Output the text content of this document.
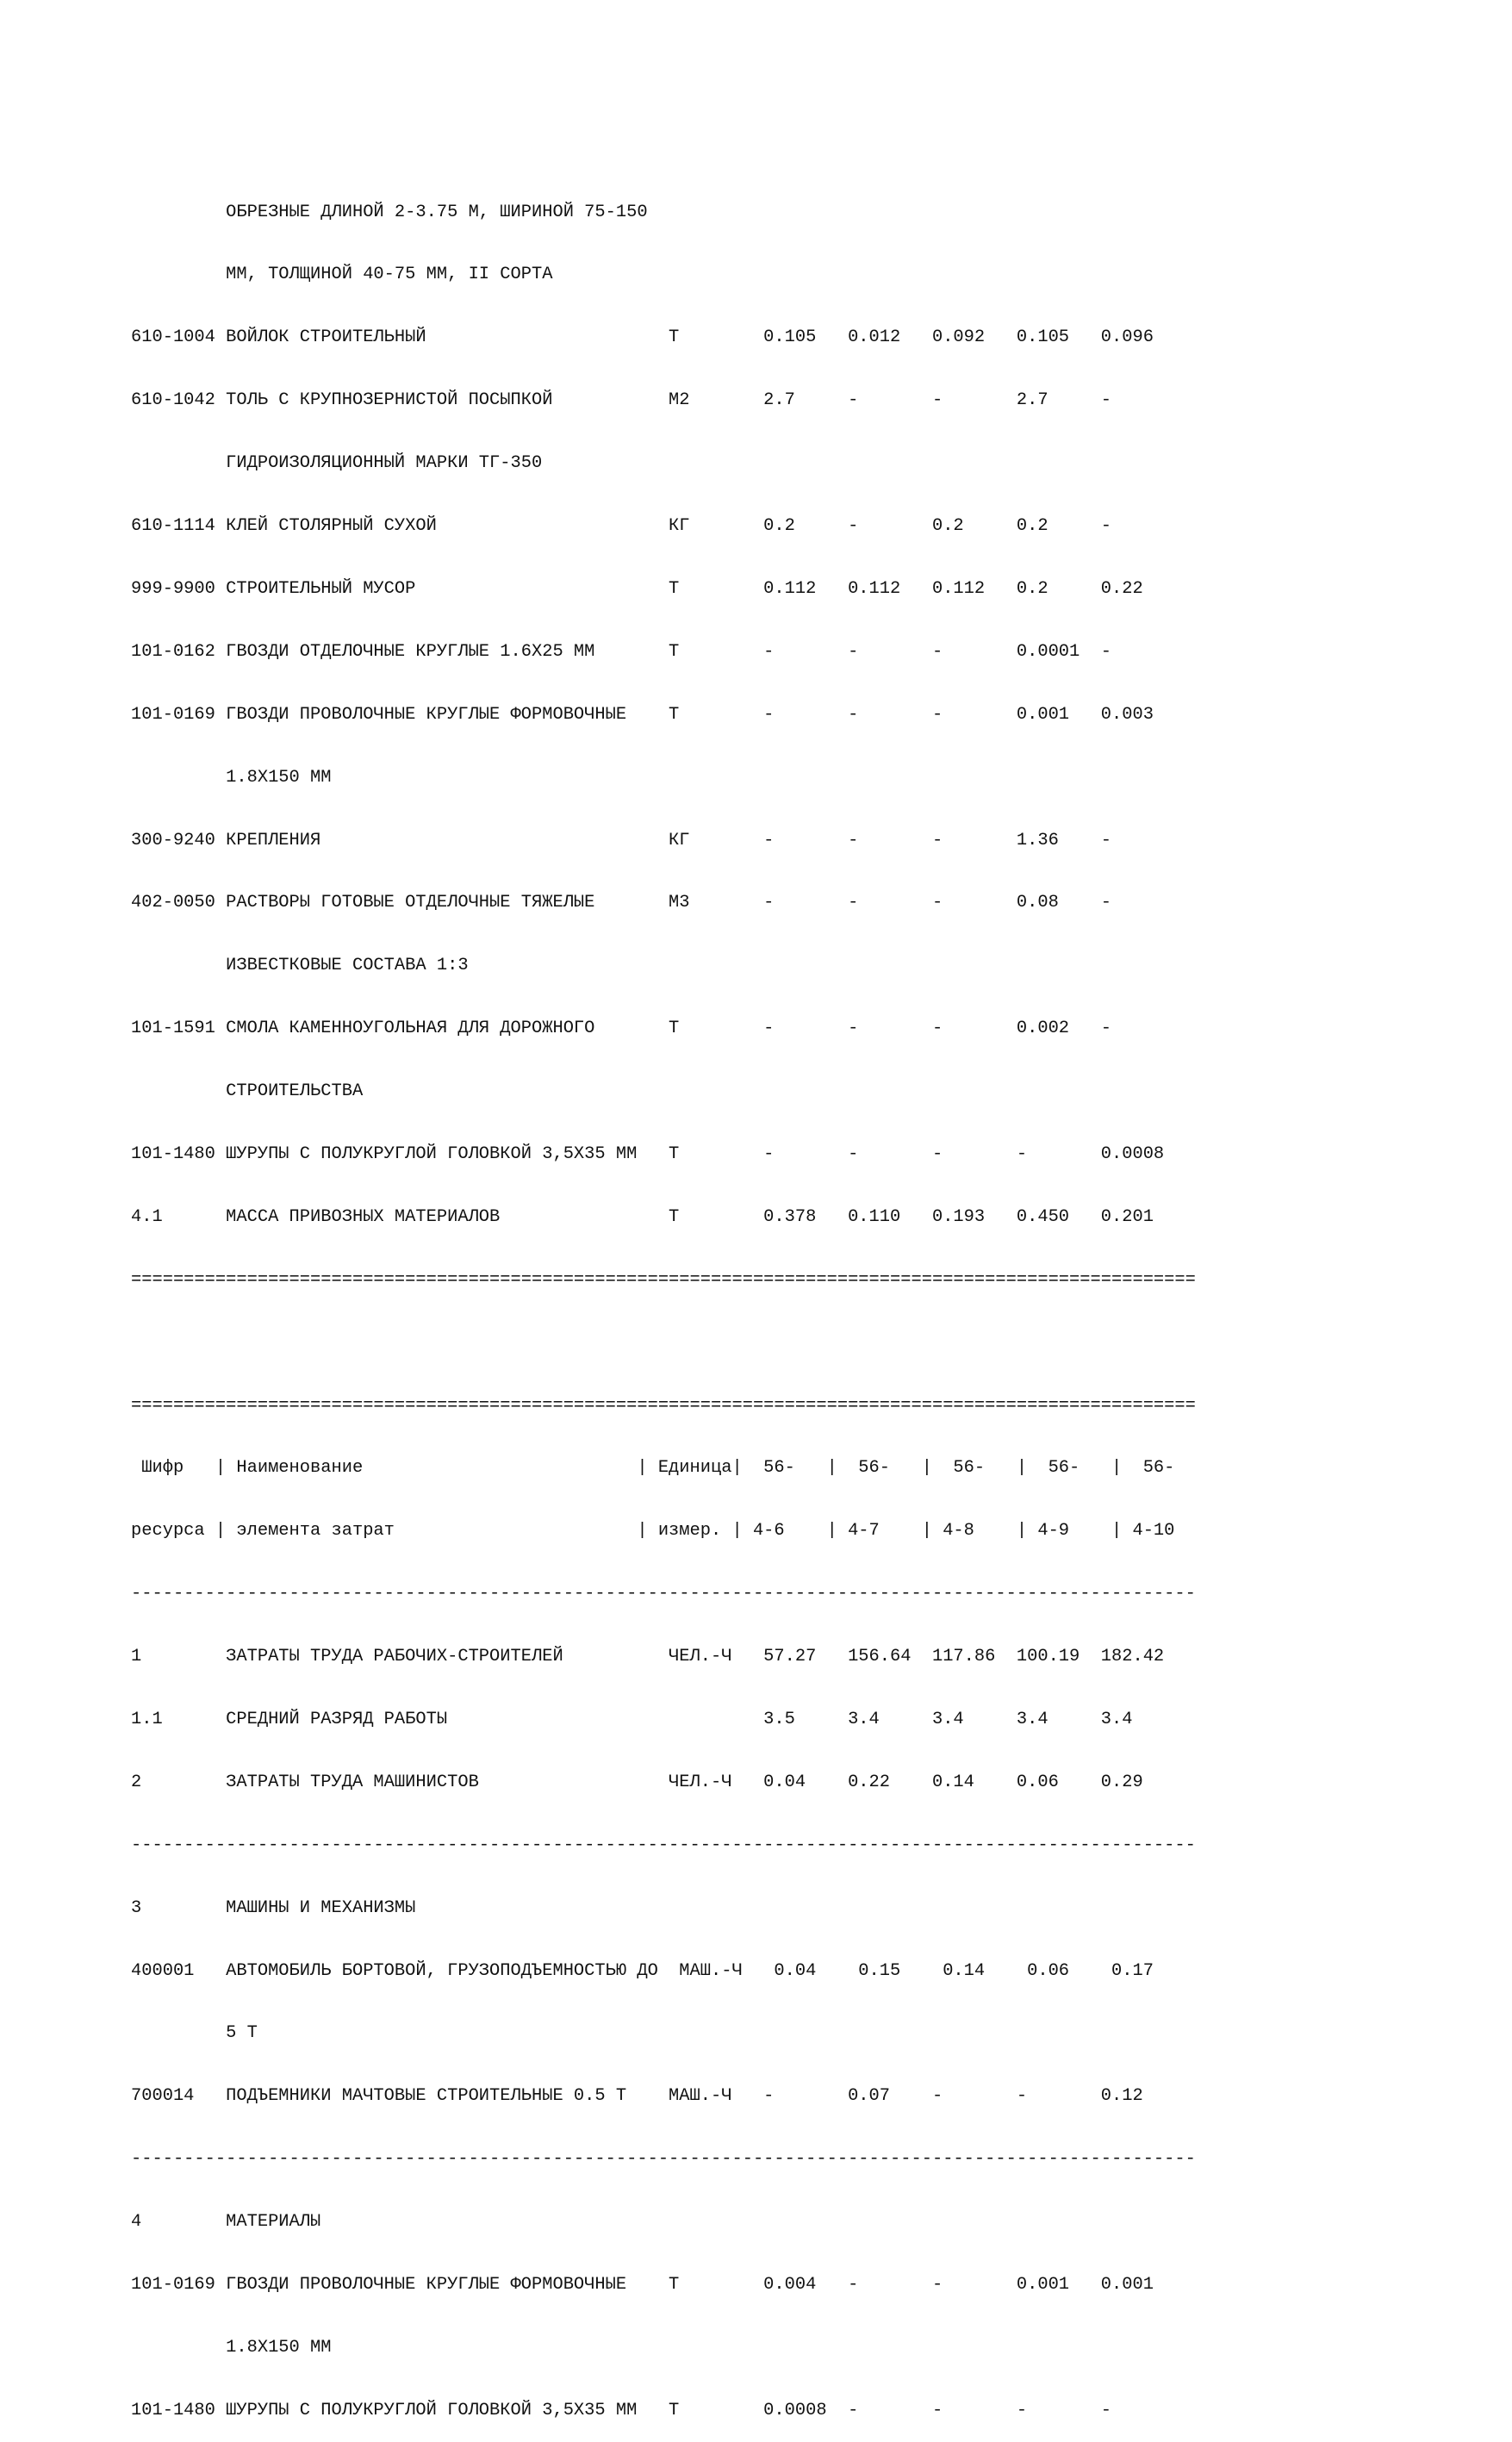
ОБРЕЗНЫЕ ДЛИНОЙ 2-3.75 М, ШИРИНОЙ 75-150

ММ, ТОЛЩИНОЙ 40-75 ММ, II СОРТА

610-1004 ВОЙЛОК СТРОИТЕЛЬНЫЙ                       Т        0.105   0.012   0.092   0.105   0.096

610-1042 ТОЛЬ С КРУПНОЗЕРНИСТОЙ ПОСЫПКОЙ           М2       2.7     -       -       2.7     -

ГИДРОИЗОЛЯЦИОННЫЙ МАРКИ ТГ-350

610-1114 КЛЕЙ СТОЛЯРНЫЙ СУХОЙ                      КГ       0.2     -       0.2     0.2     -

999-9900 СТРОИТЕЛЬНЫЙ МУСОР                        Т        0.112   0.112   0.112   0.2     0.22

101-0162 ГВОЗДИ ОТДЕЛОЧНЫЕ КРУГЛЫЕ 1.6Х25 ММ       Т        -       -       -       0.0001  -

101-0169 ГВОЗДИ ПРОВОЛОЧНЫЕ КРУГЛЫЕ ФОРМОВОЧНЫЕ    Т        -       -       -       0.001   0.003

1.8Х150 ММ

300-9240 КРЕПЛЕНИЯ                                 КГ       -       -       -       1.36    -

402-0050 РАСТВОРЫ ГОТОВЫЕ ОТДЕЛОЧНЫЕ ТЯЖЕЛЫЕ       М3       -       -       -       0.08    -

ИЗВЕСТКОВЫЕ СОСТАВА 1:3

101-1591 СМОЛА КАМЕННОУГОЛЬНАЯ ДЛЯ ДОРОЖНОГО       Т        -       -       -       0.002   -

СТРОИТЕЛЬСТВА

101-1480 ШУРУПЫ С ПОЛУКРУГЛОЙ ГОЛОВКОЙ 3,5Х35 ММ   Т        -       -       -       -       0.0008

4.1      МАССА ПРИВОЗНЫХ МАТЕРИАЛОВ                Т        0.378   0.110   0.193   0.450   0.201

=====================================================================================================

=====================================================================================================

Шифр   | Наименование                          | Единица|  56-   |  56-   |  56-   |  56-   |  56-

ресурса | элемента затрат                       | измер. | 4-6    | 4-7    | 4-8    | 4-9    | 4-10

-----------------------------------------------------------------------------------------------------

1        ЗАТРАТЫ ТРУДА РАБОЧИХ-СТРОИТЕЛЕЙ          ЧЕЛ.-Ч   57.27   156.64  117.86  100.19  182.42

1.1      СРЕДНИЙ РАЗРЯД РАБОТЫ                              3.5     3.4     3.4     3.4     3.4

2        ЗАТРАТЫ ТРУДА МАШИНИСТОВ                  ЧЕЛ.-Ч   0.04    0.22    0.14    0.06    0.29

-----------------------------------------------------------------------------------------------------

3        МАШИНЫ И МЕХАНИЗМЫ

400001   АВТОМОБИЛЬ БОРТОВОЙ, ГРУЗОПОДЪЕМНОСТЬЮ ДО  МАШ.-Ч   0.04    0.15    0.14    0.06    0.17

5 Т

700014   ПОДЪЕМНИКИ МАЧТОВЫЕ СТРОИТЕЛЬНЫЕ 0.5 Т    МАШ.-Ч   -       0.07    -       -       0.12

-----------------------------------------------------------------------------------------------------

4        МАТЕРИАЛЫ

101-0169 ГВОЗДИ ПРОВОЛОЧНЫЕ КРУГЛЫЕ ФОРМОВОЧНЫЕ    Т        0.004   -       -       0.001   0.001

1.8Х150 ММ

101-1480 ШУРУПЫ С ПОЛУКРУГЛОЙ ГОЛОВКОЙ 3,5Х35 ММ   Т        0.0008  -       -       -       -
